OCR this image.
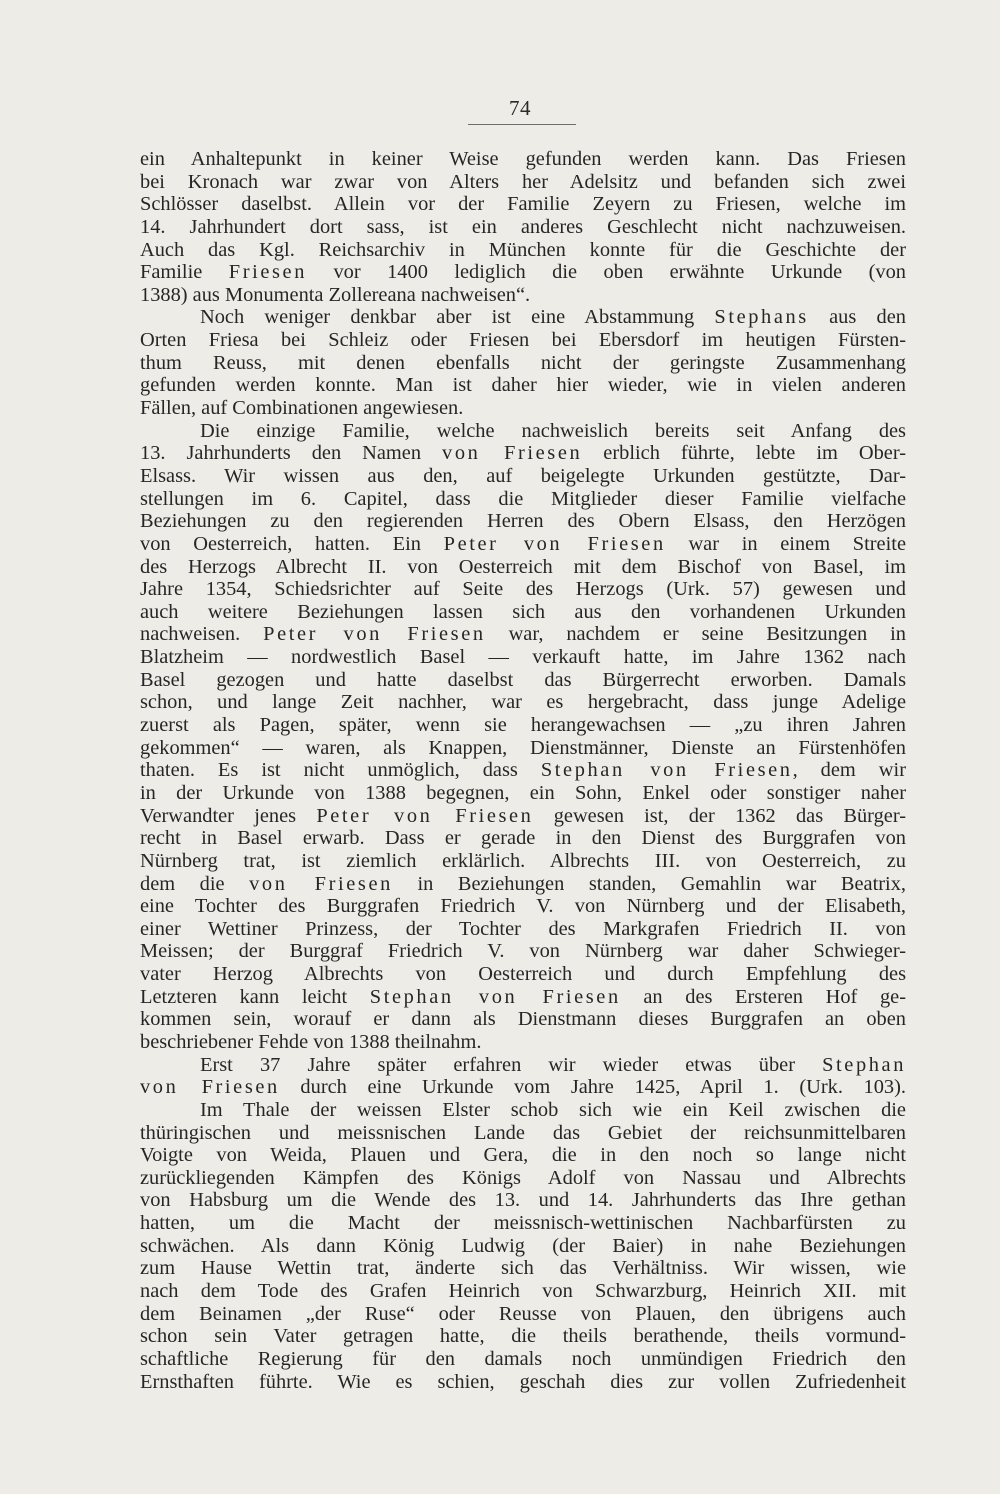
74
ein Anhaltepunkt in keiner Weise gefunden werden kann. Das Friesen
bei Kronach war zwar von Alters her Adelsitz und befanden sich zwei
Schlösser daselbst. Allein vor der Familie Zeyern zu Friesen, welche im
14. Jahrhundert dort sass, ist ein anderes Geschlecht nicht nachzuweisen.
Auch das Kgl. Reichsarchiv in München konnte für die Geschichte der
Familie Friesen vor 1400 lediglich die oben erwähnte Urkunde (von
1388) aus Monumenta Zollereana nachweisen“.
Noch weniger denkbar aber ist eine Abstammung Stephans aus den
Orten Friesa bei Schleiz oder Friesen bei Ebersdorf im heutigen Fürsten-
thum Reuss, mit denen ebenfalls nicht der geringste Zusammenhang
gefunden werden konnte. Man ist daher hier wieder, wie in vielen anderen
Fällen, auf Combinationen angewiesen.
Die einzige Familie, welche nachweislich bereits seit Anfang des
13. Jahrhunderts den Namen von Friesen erblich führte, lebte im Ober-
Elsass. Wir wissen aus den, auf beigelegte Urkunden gestützte, Dar-
stellungen im 6. Capitel, dass die Mitglieder dieser Familie vielfache
Beziehungen zu den regierenden Herren des Obern Elsass, den Herzögen
von Oesterreich, hatten. Ein Peter von Friesen war in einem Streite
des Herzogs Albrecht II. von Oesterreich mit dem Bischof von Basel, im
Jahre 1354, Schiedsrichter auf Seite des Herzogs (Urk. 57) gewesen und
auch weitere Beziehungen lassen sich aus den vorhandenen Urkunden
nachweisen. Peter von Friesen war, nachdem er seine Besitzungen in
Blatzheim — nordwestlich Basel — verkauft hatte, im Jahre 1362 nach
Basel gezogen und hatte daselbst das Bürgerrecht erworben. Damals
schon, und lange Zeit nachher, war es hergebracht, dass junge Adelige
zuerst als Pagen, später, wenn sie herangewachsen — „zu ihren Jahren
gekommen“ — waren, als Knappen, Dienstmänner, Dienste an Fürstenhöfen
thaten. Es ist nicht unmöglich, dass Stephan von Friesen, dem wir
in der Urkunde von 1388 begegnen, ein Sohn, Enkel oder sonstiger naher
Verwandter jenes Peter von Friesen gewesen ist, der 1362 das Bürger-
recht in Basel erwarb. Dass er gerade in den Dienst des Burggrafen von
Nürnberg trat, ist ziemlich erklärlich. Albrechts III. von Oesterreich, zu
dem die von Friesen in Beziehungen standen, Gemahlin war Beatrix,
eine Tochter des Burggrafen Friedrich V. von Nürnberg und der Elisabeth,
einer Wettiner Prinzess, der Tochter des Markgrafen Friedrich II. von
Meissen; der Burggraf Friedrich V. von Nürnberg war daher Schwieger-
vater Herzog Albrechts von Oesterreich und durch Empfehlung des
Letzteren kann leicht Stephan von Friesen an des Ersteren Hof ge-
kommen sein, worauf er dann als Dienstmann dieses Burggrafen an oben
beschriebener Fehde von 1388 theilnahm.
Erst 37 Jahre später erfahren wir wieder etwas über Stephan
von Friesen durch eine Urkunde vom Jahre 1425, April 1. (Urk. 103).
Im Thale der weissen Elster schob sich wie ein Keil zwischen die
thüringischen und meissnischen Lande das Gebiet der reichsunmittelbaren
Voigte von Weida, Plauen und Gera, die in den noch so lange nicht
zurückliegenden Kämpfen des Königs Adolf von Nassau und Albrechts
von Habsburg um die Wende des 13. und 14. Jahrhunderts das Ihre gethan
hatten, um die Macht der meissnisch-wettinischen Nachbarfürsten zu
schwächen. Als dann König Ludwig (der Baier) in nahe Beziehungen
zum Hause Wettin trat, änderte sich das Verhältniss. Wir wissen, wie
nach dem Tode des Grafen Heinrich von Schwarzburg, Heinrich XII. mit
dem Beinamen „der Ruse“ oder Reusse von Plauen, den übrigens auch
schon sein Vater getragen hatte, die theils berathende, theils vormund-
schaftliche Regierung für den damals noch unmündigen Friedrich den
Ernsthaften führte. Wie es schien, geschah dies zur vollen Zufriedenheit
